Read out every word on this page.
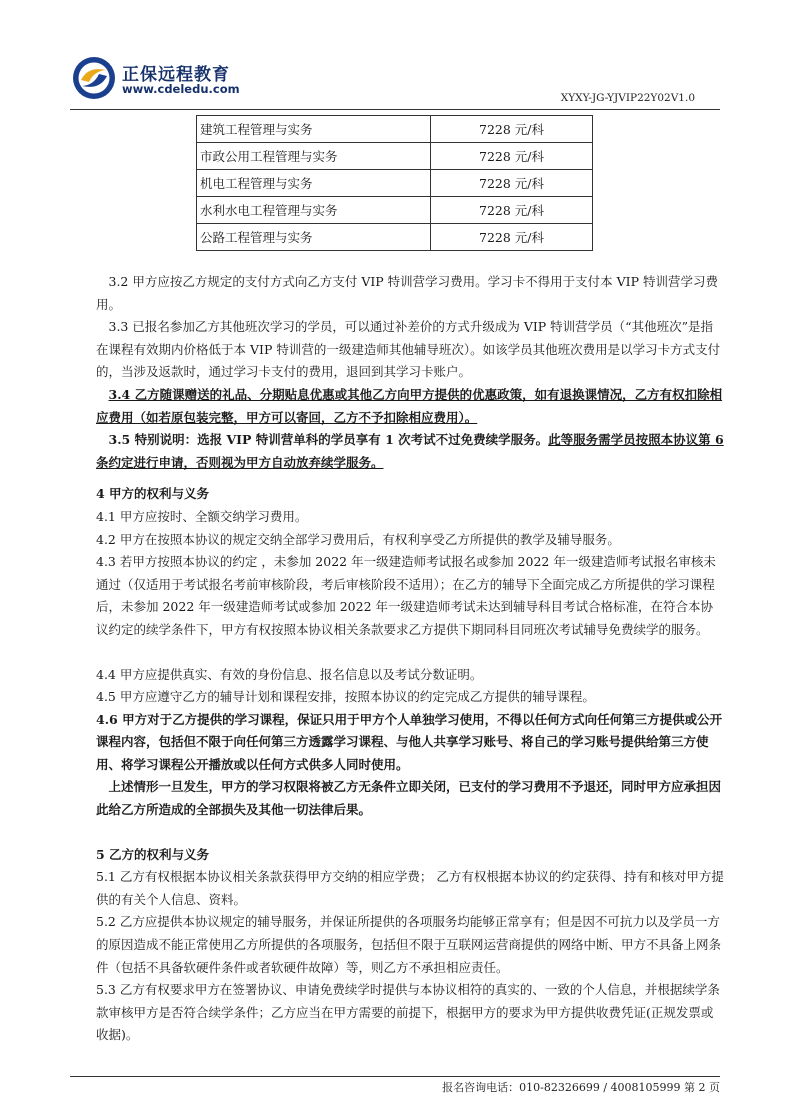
正保远程教育
www.cdeledu.com
XYXY-JG-YJVIP22Y02V1.0
建筑工程管理与实务	7228 元/科
市政公用工程管理与实务	7228 元/科
机电工程管理与实务	7228 元/科
水利水电工程管理与实务	7228 元/科
公路工程管理与实务	7228 元/科

3.2 甲方应按乙方规定的支付方式向乙方支付 VIP 特训营学习费用。学习卡不得用于支付本 VIP 特训营学习费用。

3.3 已报名参加乙方其他班次学习的学员，可以通过补差价的方式升级成为 VIP 特训营学员（“其他班次”是指在课程有效期内价格低于本 VIP 特训营的一级建造师其他辅导班次）。如该学员其他班次费用是以学习卡方式支付的，当涉及返款时，通过学习卡支付的费用，退回到其学习卡账户。

3.4 乙方随课赠送的礼品、分期贴息优惠或其他乙方向甲方提供的优惠政策，如有退换课情况，乙方有权扣除相应费用（如若原包装完整，甲方可以寄回，乙方不予扣除相应费用）。

3.5 特别说明：选报 VIP 特训营单科的学员享有 1 次考试不过免费续学服务。此等服务需学员按照本协议第 6 条约定进行申请，否则视为甲方自动放弃续学服务。

4 甲方的权利与义务

4.1 甲方应按时、全额交纳学习费用。

4.2 甲方在按照本协议的规定交纳全部学习费用后，有权利享受乙方所提供的教学及辅导服务。

4.3 若甲方按照本协议的约定 ，未参加 2022 年一级建造师考试报名或参加 2022 年一级建造师考试报名审核未通过（仅适用于考试报名考前审核阶段，考后审核阶段不适用）；在乙方的辅导下全面完成乙方所提供的学习课程后，未参加 2022 年一级建造师考试或参加 2022 年一级建造师考试未达到辅导科目考试合格标准，在符合本协议约定的续学条件下，甲方有权按照本协议相关条款要求乙方提供下期同科目同班次考试辅导免费续学的服务。

4.4 甲方应提供真实、有效的身份信息、报名信息以及考试分数证明。

4.5 甲方应遵守乙方的辅导计划和课程安排，按照本协议的约定完成乙方提供的辅导课程。

4.6 甲方对于乙方提供的学习课程，保证只用于甲方个人单独学习使用，不得以任何方式向任何第三方提供或公开课程内容，包括但不限于向任何第三方透露学习课程、与他人共享学习账号、将自己的学习账号提供给第三方使用、将学习课程公开播放或以任何方式供多人同时使用。

上述情形一旦发生，甲方的学习权限将被乙方无条件立即关闭，已支付的学习费用不予退还，同时甲方应承担因此给乙方所造成的全部损失及其他一切法律后果。

5 乙方的权利与义务

5.1 乙方有权根据本协议相关条款获得甲方交纳的相应学费； 乙方有权根据本协议的约定获得、持有和核对甲方提供的有关个人信息、资料。

5.2 乙方应提供本协议规定的辅导服务，并保证所提供的各项服务均能够正常享有；但是因不可抗力以及学员一方的原因造成不能正常使用乙方所提供的各项服务，包括但不限于互联网运营商提供的网络中断、甲方不具备上网条件（包括不具备软硬件条件或者软硬件故障）等，则乙方不承担相应责任。

5.3 乙方有权要求甲方在签署协议、申请免费续学时提供与本协议相符的真实的、一致的个人信息，并根据续学条款审核甲方是否符合续学条件；乙方应当在甲方需要的前提下，根据甲方的要求为甲方提供收费凭证(正规发票或收据)。

报名咨询电话：010-82326699 / 4008105999 第 2 页
